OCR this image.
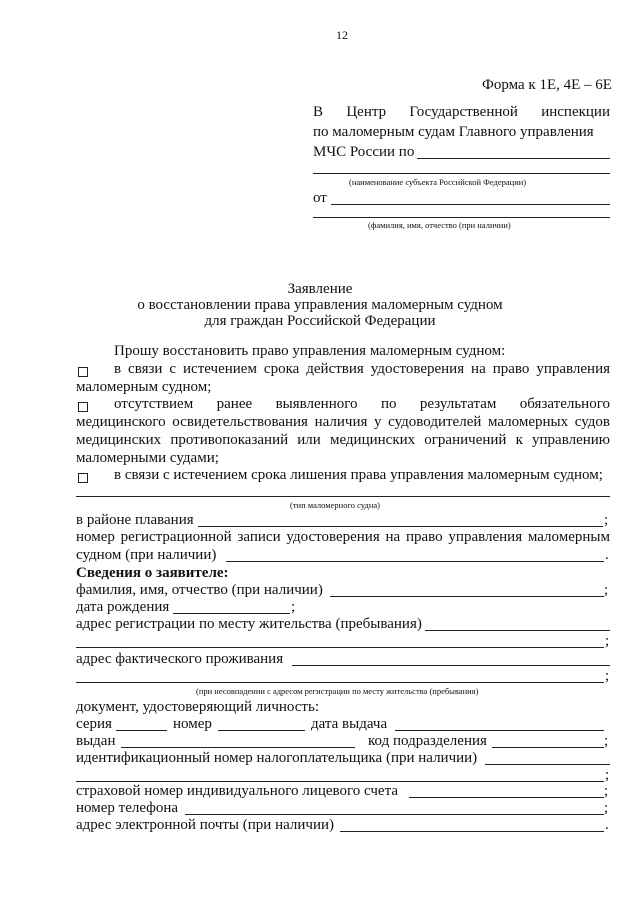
12
Форма к 1Е, 4Е – 6Е
В Центр Государственной инспекции
по маломерным судам Главного управления
МЧС России по
(наименование субъекта Российской Федерации)
от
(фамилия, имя, отчество (при наличии)
Заявление
о восстановлении права управления маломерным судном
для граждан Российской Федерации
Прошу восстановить право управления маломерным судном:
в связи с истечением срока действия удостоверения на право управления
маломерным судном;
отсутствием ранее выявленного по результатам обязательного
медицинского освидетельствования наличия у судоводителей маломерных судов
медицинских противопоказаний или медицинских ограничений к управлению
маломерными судами;
в связи с истечением срока лишения права управления маломерным судном;
(тип маломерного судна)
в районе плавания	;
номер регистрационной записи удостоверения на право управления маломерным
судном (при наличии)	.
Сведения о заявителе:
фамилия, имя, отчество (при наличии)	;
дата рождения	;
адрес регистрации по месту жительства (пребывания)
;
адрес фактического проживания
;
(при несовпадении с адресом регистрации по месту жительства (пребывания)
документ, удостоверяющий личность:
серия	номер	дата выдача
выдан	код подразделения	;
идентификационный номер налогоплательщика (при наличии)
;
страховой номер индивидуального лицевого счета	;
номер телефона	;
адрес электронной почты (при наличии)	.
